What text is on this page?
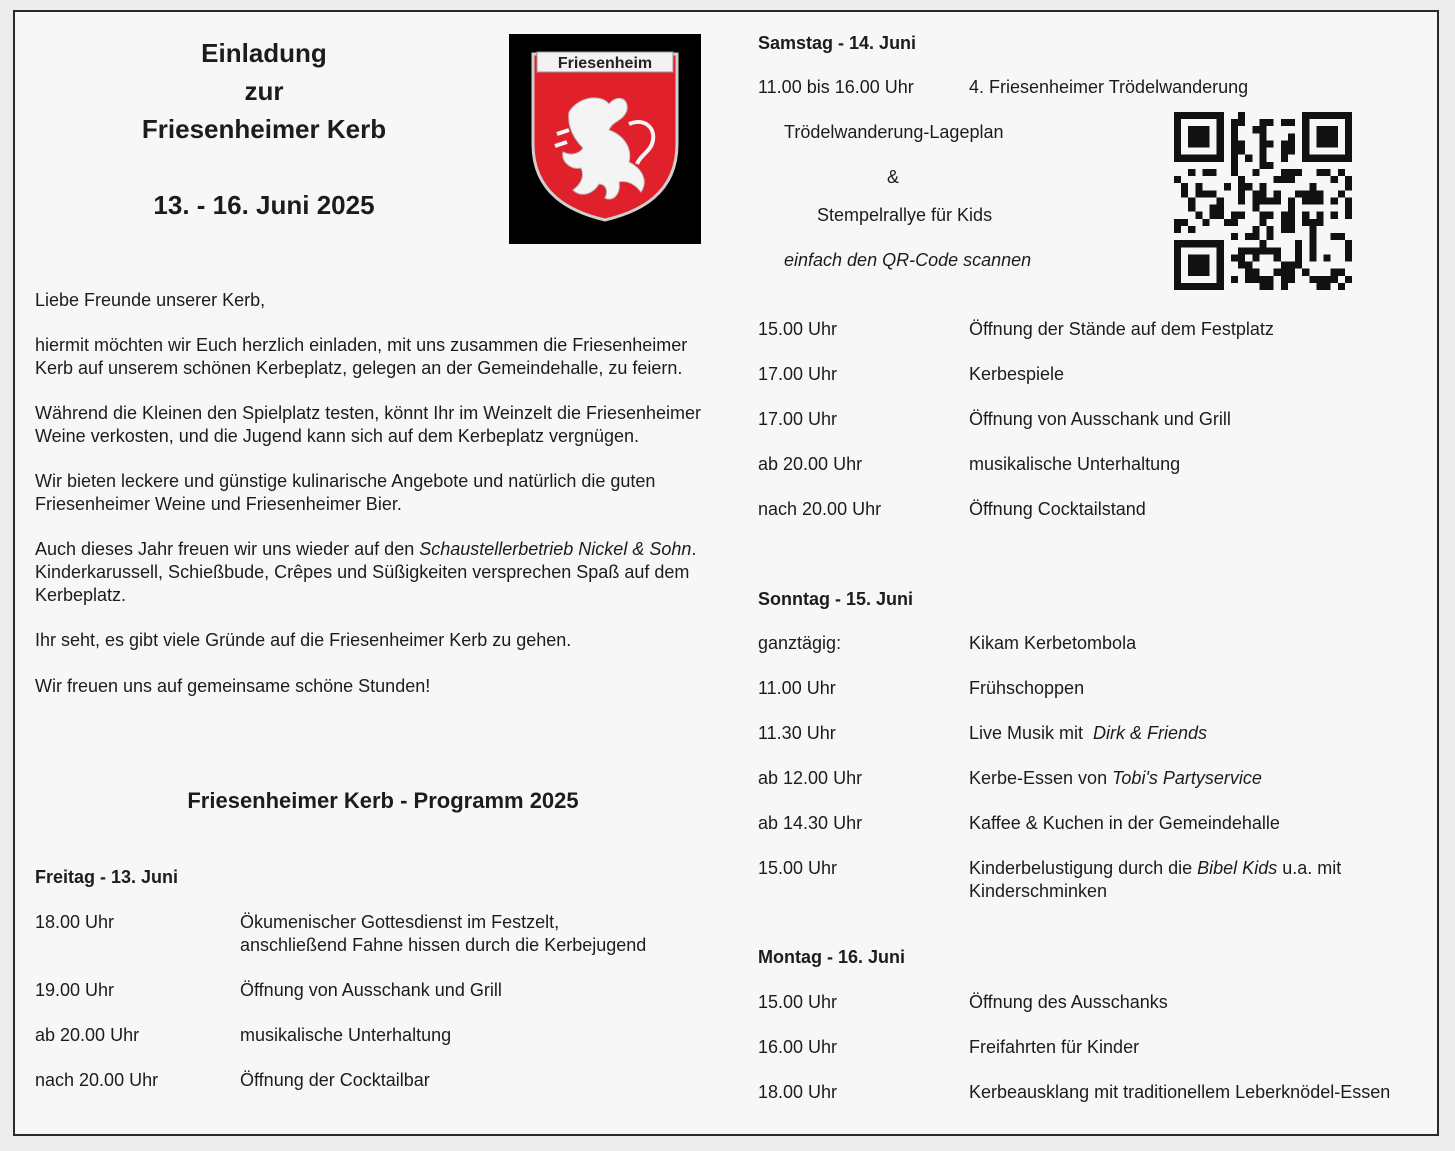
Einladung
zur
Friesenheimer Kerb
13. - 16. Juni 2025
Friesenheim
Liebe Freunde unserer Kerb,
hiermit möchten wir Euch herzlich einladen, mit uns zusammen die Friesenheimer
Kerb auf unserem schönen Kerbeplatz, gelegen an der Gemeindehalle, zu feiern.
Während die Kleinen den Spielplatz testen, könnt Ihr im Weinzelt die Friesenheimer
Weine verkosten, und die Jugend kann sich auf dem Kerbeplatz vergnügen.
Wir bieten leckere und günstige kulinarische Angebote und natürlich die guten
Friesenheimer Weine und Friesenheimer Bier.
Auch dieses Jahr freuen wir uns wieder auf den Schaustellerbetrieb Nickel & Sohn.
Kinderkarussell, Schießbude, Crêpes und Süßigkeiten versprechen Spaß auf dem
Kerbeplatz.
Ihr seht, es gibt viele Gründe auf die Friesenheimer Kerb zu gehen.
Wir freuen uns auf gemeinsame schöne Stunden!
Friesenheimer Kerb - Programm 2025
Freitag - 13. Juni
18.00 Uhr	Ökumenischer Gottesdienst im Festzelt,
anschließend Fahne hissen durch die Kerbejugend
19.00 Uhr	Öffnung von Ausschank und Grill
ab 20.00 Uhr	musikalische Unterhaltung
nach 20.00 Uhr	Öffnung der Cocktailbar
Samstag - 14. Juni
11.00 bis 16.00 Uhr	4. Friesenheimer Trödelwanderung
Trödelwanderung-Lageplan
&
Stempelrallye für Kids
einfach den QR-Code scannen
15.00 Uhr	Öffnung der Stände auf dem Festplatz
17.00 Uhr	Kerbespiele
17.00 Uhr	Öffnung von Ausschank und Grill
ab 20.00 Uhr	musikalische Unterhaltung
nach 20.00 Uhr	Öffnung Cocktailstand
Sonntag - 15. Juni
ganztägig:	Kikam Kerbetombola
11.00 Uhr	Frühschoppen
11.30 Uhr	Live Musik mit  Dirk & Friends
ab 12.00 Uhr	Kerbe-Essen von Tobi's Partyservice
ab 14.30 Uhr	Kaffee & Kuchen in der Gemeindehalle
15.00 Uhr	Kinderbelustigung durch die Bibel Kids u.a. mit
Kinderschminken
Montag - 16. Juni
15.00 Uhr	Öffnung des Ausschanks
16.00 Uhr	Freifahrten für Kinder
18.00 Uhr	Kerbeausklang mit traditionellem Leberknödel-Essen
